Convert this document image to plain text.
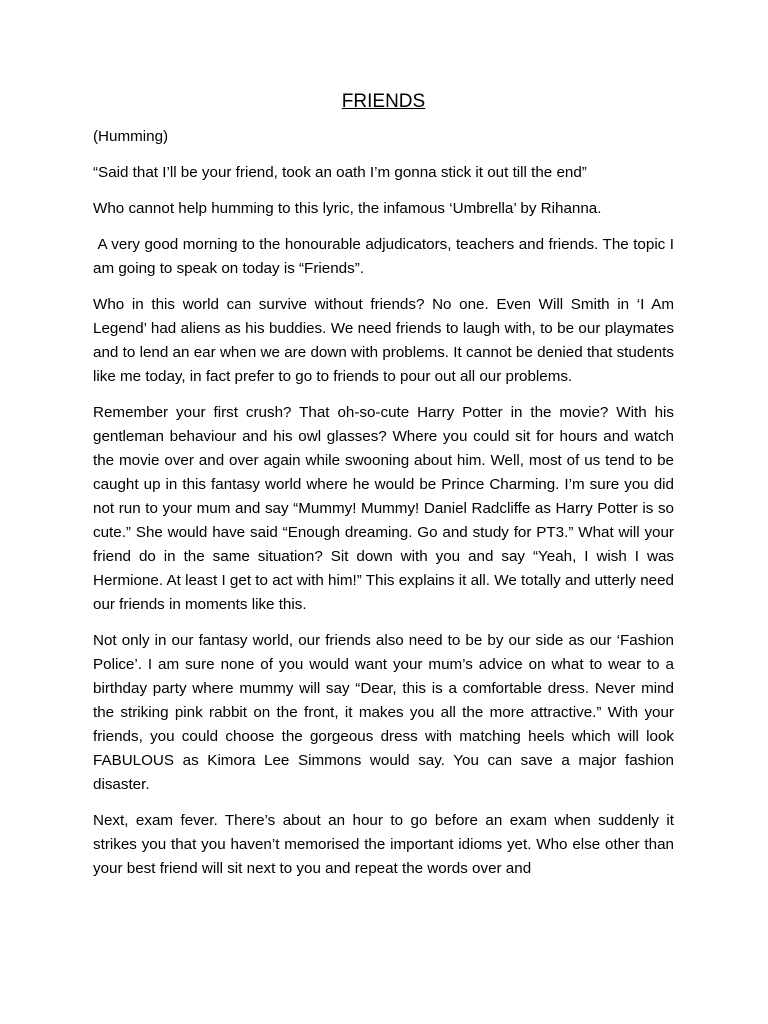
FRIENDS

(Humming)

“Said that I’ll be your friend, took an oath I’m gonna stick it out till the end”

Who cannot help humming to this lyric, the infamous ‘Umbrella’ by Rihanna.

A very good morning to the honourable adjudicators, teachers and friends. The topic I am going to speak on today is “Friends”.

Who in this world can survive without friends? No one. Even Will Smith in ‘I Am Legend’ had aliens as his buddies. We need friends to laugh with, to be our playmates and to lend an ear when we are down with problems. It cannot be denied that students like me today, in fact prefer to go to friends to pour out all our problems.

Remember your first crush? That oh-so-cute Harry Potter in the movie? With his gentleman behaviour and his owl glasses? Where you could sit for hours and watch the movie over and over again while swooning about him. Well, most of us tend to be caught up in this fantasy world where he would be Prince Charming. I’m sure you did not run to your mum and say “Mummy! Mummy! Daniel Radcliffe as Harry Potter is so cute.” She would have said “Enough dreaming. Go and study for PT3.” What will your friend do in the same situation? Sit down with you and say “Yeah, I wish I was Hermione. At least I get to act with him!” This explains it all. We totally and utterly need our friends in moments like this.

Not only in our fantasy world, our friends also need to be by our side as our ‘Fashion Police’. I am sure none of you would want your mum’s advice on what to wear to a birthday party where mummy will say “Dear, this is a comfortable dress. Never mind the striking pink rabbit on the front, it makes you all the more attractive.” With your friends, you could choose the gorgeous dress with matching heels which will look FABULOUS as Kimora Lee Simmons would say. You can save a major fashion disaster.

Next, exam fever. There’s about an hour to go before an exam when suddenly it strikes you that you haven’t memorised the important idioms yet. Who else other than your best friend will sit next to you and repeat the words over and
